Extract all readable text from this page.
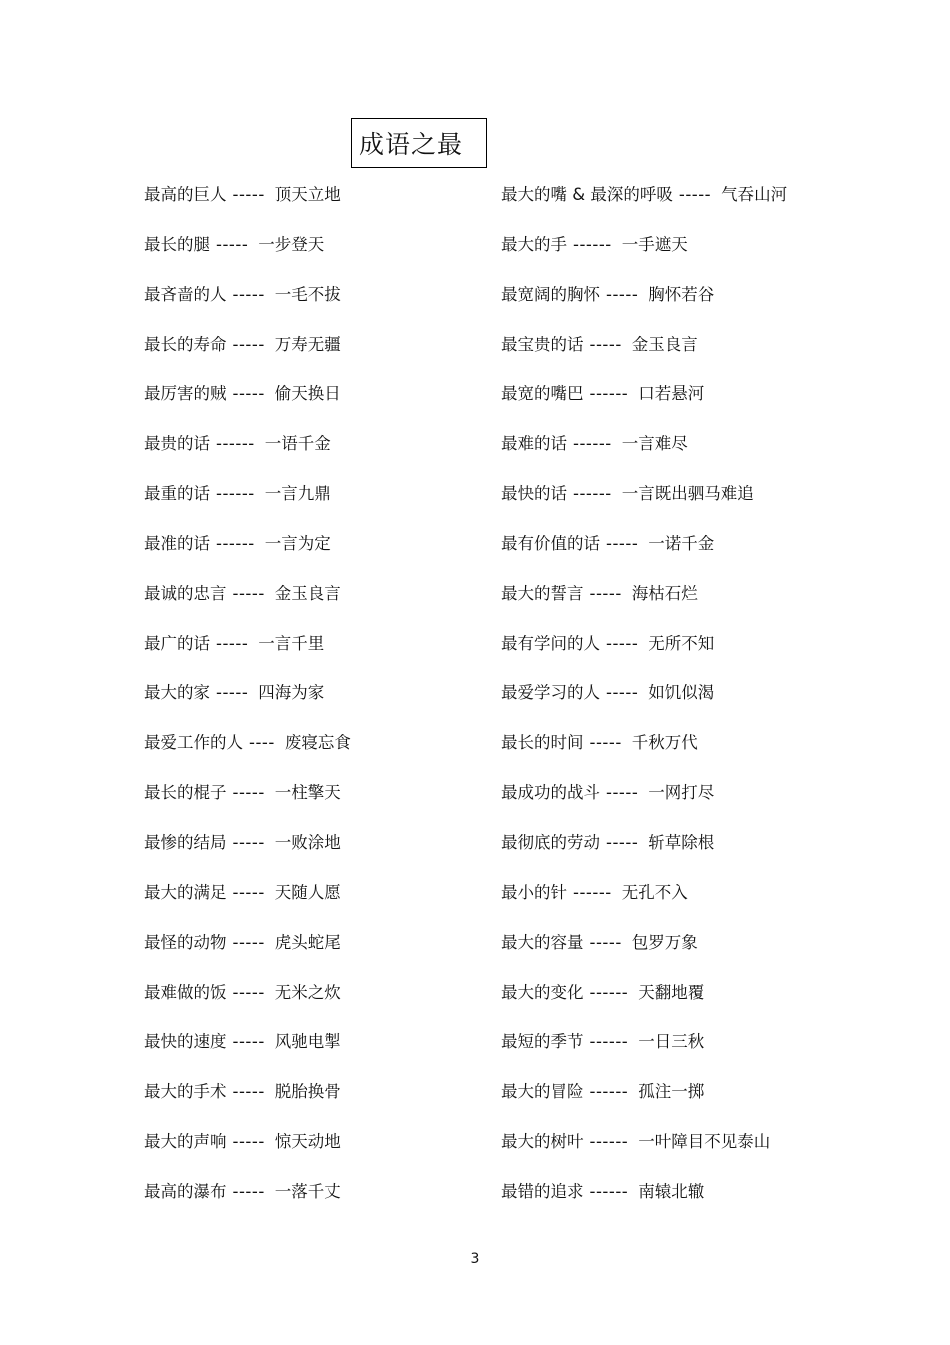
成语之最
最高的巨人 ----- 顶天立地
最长的腿 ----- 一步登天
最吝啬的人 ----- 一毛不拔
最长的寿命 ----- 万寿无疆
最厉害的贼 ----- 偷天换日
最贵的话 ------ 一语千金
最重的话 ------ 一言九鼎
最准的话 ------ 一言为定
最诚的忠言 ----- 金玉良言
最广的话 ----- 一言千里
最大的家 ----- 四海为家
最爱工作的人 ---- 废寝忘食
最长的棍子 ----- 一柱擎天
最惨的结局 ----- 一败涂地
最大的满足 ----- 天随人愿
最怪的动物 ----- 虎头蛇尾
最难做的饭 ----- 无米之炊
最快的速度 ----- 风驰电掣
最大的手术 ----- 脱胎换骨
最大的声响 ----- 惊天动地
最高的瀑布 ----- 一落千丈
最大的嘴 & 最深的呼吸 ----- 气吞山河
最大的手 ------ 一手遮天
最宽阔的胸怀 ----- 胸怀若谷
最宝贵的话 ----- 金玉良言
最宽的嘴巴 ------ 口若悬河
最难的话 ------ 一言难尽
最快的话 ------ 一言既出驷马难追
最有价值的话 ----- 一诺千金
最大的誓言 ----- 海枯石烂
最有学问的人 ----- 无所不知
最爱学习的人 ----- 如饥似渴
最长的时间 ----- 千秋万代
最成功的战斗 ----- 一网打尽
最彻底的劳动 ----- 斩草除根
最小的针 ------ 无孔不入
最大的容量 ----- 包罗万象
最大的变化 ------ 天翻地覆
最短的季节 ------ 一日三秋
最大的冒险 ------ 孤注一掷
最大的树叶 ------ 一叶障目不见泰山
最错的追求 ------ 南辕北辙
3
